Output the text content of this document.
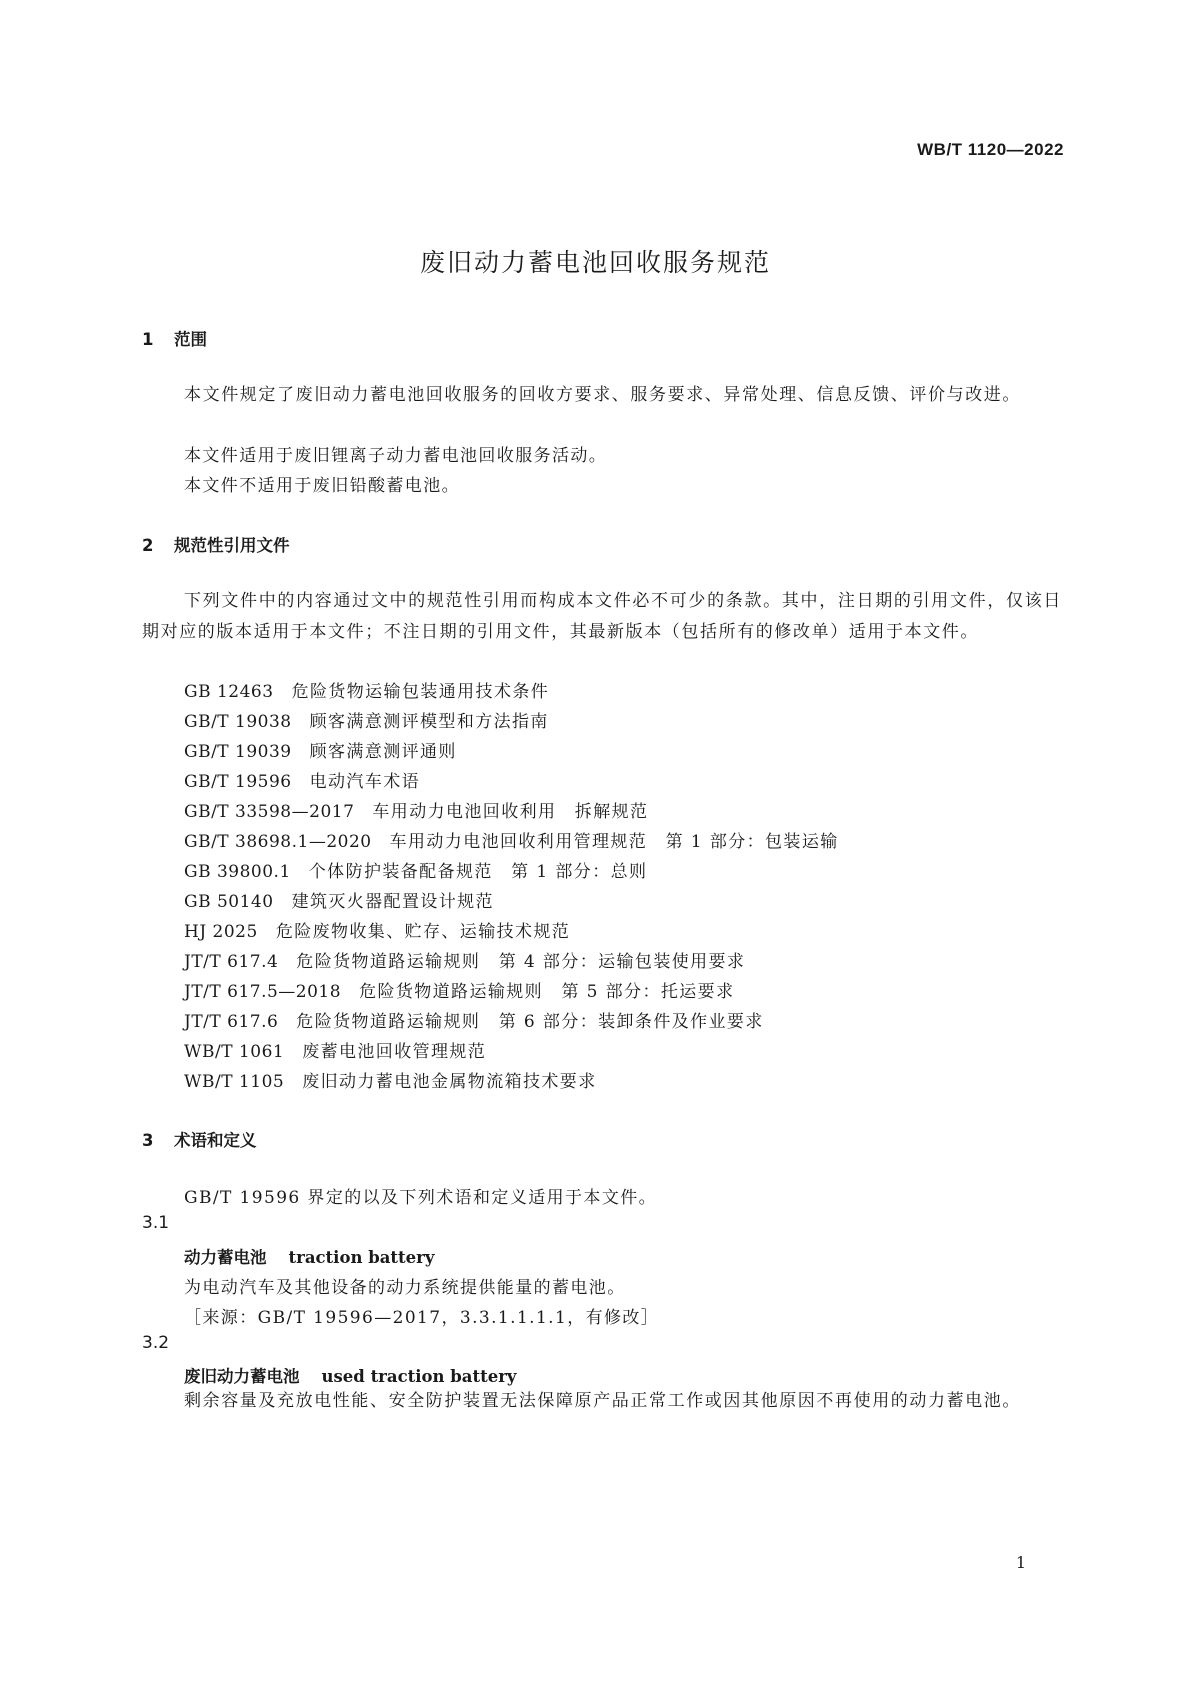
WB/T 1120—2022
废旧动力蓄电池回收服务规范
1 范围
本文件规定了废旧动力蓄电池回收服务的回收方要求、服务要求、异常处理、信息反馈、评价与改进。
本文件适用于废旧锂离子动力蓄电池回收服务活动。
本文件不适用于废旧铅酸蓄电池。
2 规范性引用文件
下列文件中的内容通过文中的规范性引用而构成本文件必不可少的条款。其中，注日期的引用文件，仅该日期对应的版本适用于本文件；不注日期的引用文件，其最新版本（包括所有的修改单）适用于本文件。
GB 12463 危险货物运输包装通用技术条件
GB/T 19038 顾客满意测评模型和方法指南
GB/T 19039 顾客满意测评通则
GB/T 19596 电动汽车术语
GB/T 33598—2017 车用动力电池回收利用　拆解规范
GB/T 38698.1—2020 车用动力电池回收利用管理规范　第 1 部分：包装运输
GB 39800.1 个体防护装备配备规范　第 1 部分：总则
GB 50140 建筑灭火器配置设计规范
HJ 2025 危险废物收集、贮存、运输技术规范
JT/T 617.4 危险货物道路运输规则　第 4 部分：运输包装使用要求
JT/T 617.5—2018 危险货物道路运输规则　第 5 部分：托运要求
JT/T 617.6 危险货物道路运输规则　第 6 部分：装卸条件及作业要求
WB/T 1061 废蓄电池回收管理规范
WB/T 1105 废旧动力蓄电池金属物流箱技术要求
3 术语和定义
GB/T 19596 界定的以及下列术语和定义适用于本文件。
3.1
动力蓄电池 traction battery
为电动汽车及其他设备的动力系统提供能量的蓄电池。
［来源：GB/T 19596—2017，3.3.1.1.1.1，有修改］
3.2
废旧动力蓄电池 used traction battery
剩余容量及充放电性能、安全防护装置无法保障原产品正常工作或因其他原因不再使用的动力蓄电池。
1
